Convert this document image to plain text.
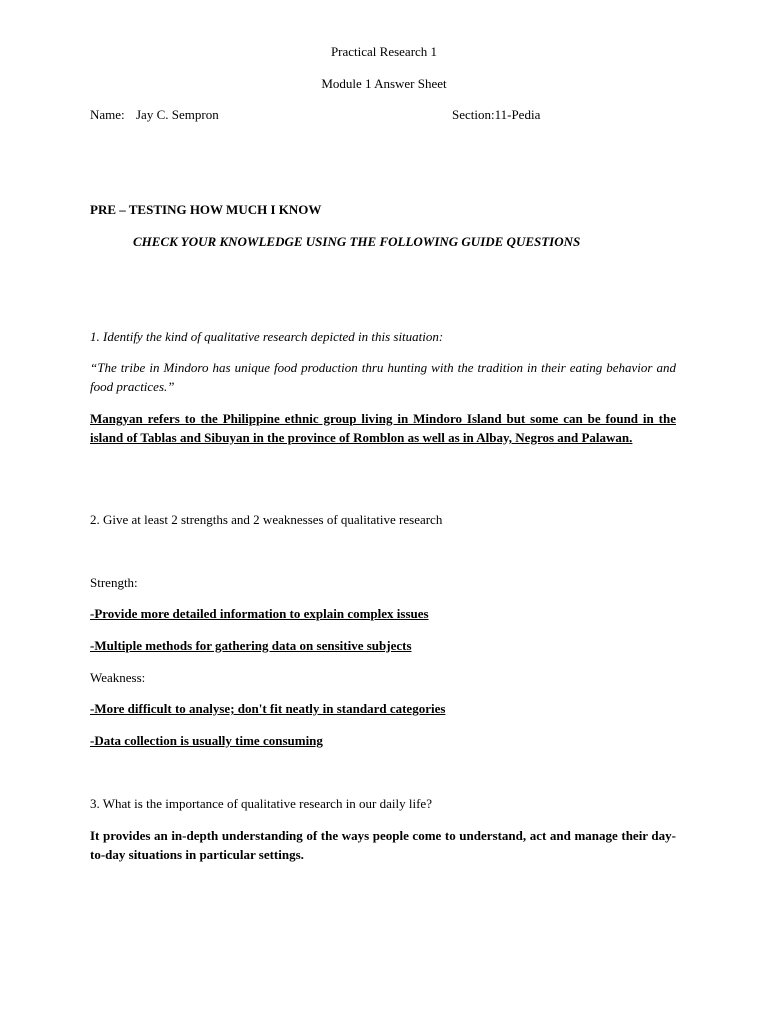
Practical Research 1
Module 1 Answer Sheet
Name: Jay C. Sempron	Section:11-Pedia
PRE – TESTING HOW MUCH I KNOW
CHECK YOUR KNOWLEDGE USING THE FOLLOWING GUIDE QUESTIONS
1. Identify the kind of qualitative research depicted in this situation:
“The tribe in Mindoro has unique food production thru hunting with the tradition in their eating behavior and food practices.”
Mangyan refers to the Philippine ethnic group living in Mindoro Island but some can be found in the island of Tablas and Sibuyan in the province of Romblon as well as in Albay, Negros and Palawan.
2. Give at least 2 strengths and 2 weaknesses of qualitative research
Strength:
-Provide more detailed information to explain complex issues
-Multiple methods for gathering data on sensitive subjects
Weakness:
-More difficult to analyse; don't fit neatly in standard categories
-Data collection is usually time consuming
3. What is the importance of qualitative research in our daily life?
It provides an in-depth understanding of the ways people come to understand, act and manage their day-to-day situations in particular settings.
